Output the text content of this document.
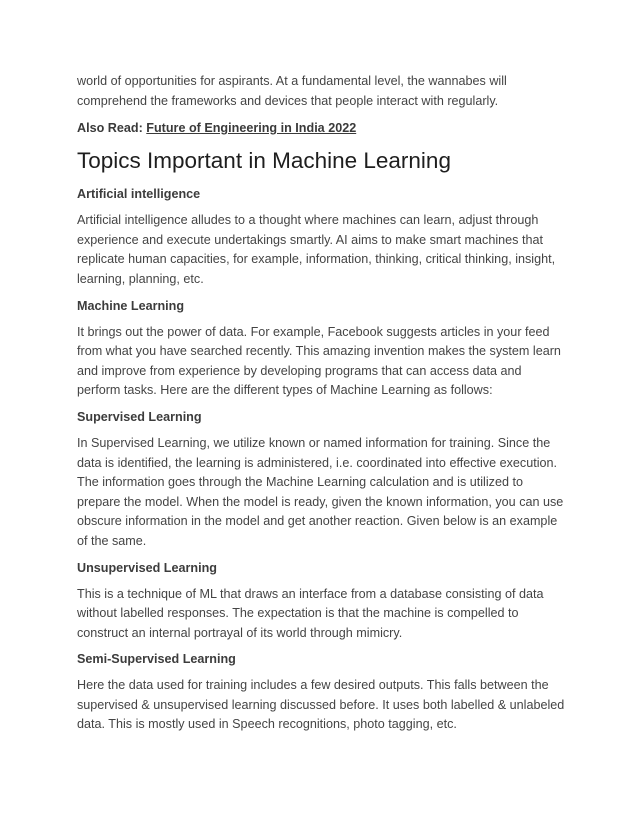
world of opportunities for aspirants. At a fundamental level, the wannabes will comprehend the frameworks and devices that people interact with regularly.

Also Read: Future of Engineering in India 2022

Topics Important in Machine Learning
Artificial intelligence

Artificial intelligence alludes to a thought where machines can learn, adjust through experience and execute undertakings smartly. AI aims to make smart machines that replicate human capacities, for example, information, thinking, critical thinking, insight, learning, planning, etc.

Machine Learning

It brings out the power of data. For example, Facebook suggests articles in your feed from what you have searched recently. This amazing invention makes the system learn and improve from experience by developing programs that can access data and perform tasks. Here are the different types of Machine Learning as follows:

Supervised Learning

In Supervised Learning, we utilize known or named information for training. Since the data is identified, the learning is administered, i.e. coordinated into effective execution. The information goes through the Machine Learning calculation and is utilized to prepare the model. When the model is ready, given the known information, you can use obscure information in the model and get another reaction. Given below is an example of the same.

Unsupervised Learning

This is a technique of ML that draws an interface from a database consisting of data without labelled responses. The expectation is that the machine is compelled to construct an internal portrayal of its world through mimicry.

Semi-Supervised Learning

Here the data used for training includes a few desired outputs. This falls between the supervised & unsupervised learning discussed before. It uses both labelled & unlabeled data. This is mostly used in Speech recognitions, photo tagging, etc.
